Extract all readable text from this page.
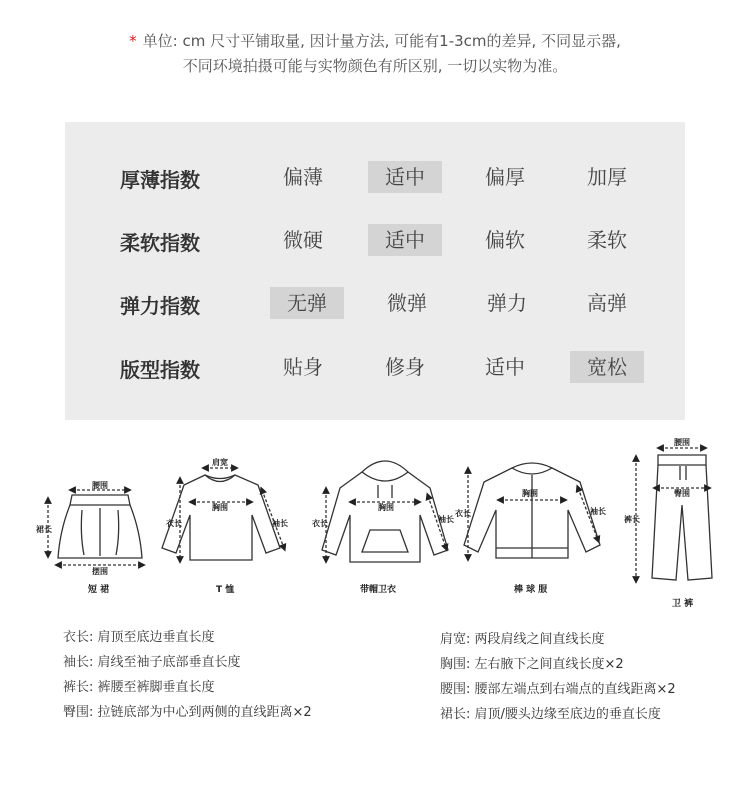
* 单位: cm 尺寸平铺取量, 因计量方法, 可能有1-3cm的差异, 不同显示器,
不同环境拍摄可能与实物颜色有所区别, 一切以实物为准。
厚薄指数	偏薄	适中	偏厚	加厚
柔软指数	微硬	适中	偏软	柔软
弹力指数	无弹	微弹	弹力	高弹
版型指数	贴身	修身	适中	宽松
腰围
裙长
摆围
肩宽
胸围
衣长	袖长
胸围
衣长	袖长
胸围
衣长	袖长
腰围
臀围
裤长
短 裙	T 恤	带帽卫衣	棒 球 服
卫 裤
衣长: 肩顶至底边垂直长度
袖长: 肩线至袖子底部垂直长度
裤长: 裤腰至裤脚垂直长度
臀围: 拉链底部为中心到两侧的直线距离×2
肩宽: 两段肩线之间直线长度
胸围: 左右腋下之间直线长度×2
腰围: 腰部左端点到右端点的直线距离×2
裙长: 肩顶/腰头边缘至底边的垂直长度
